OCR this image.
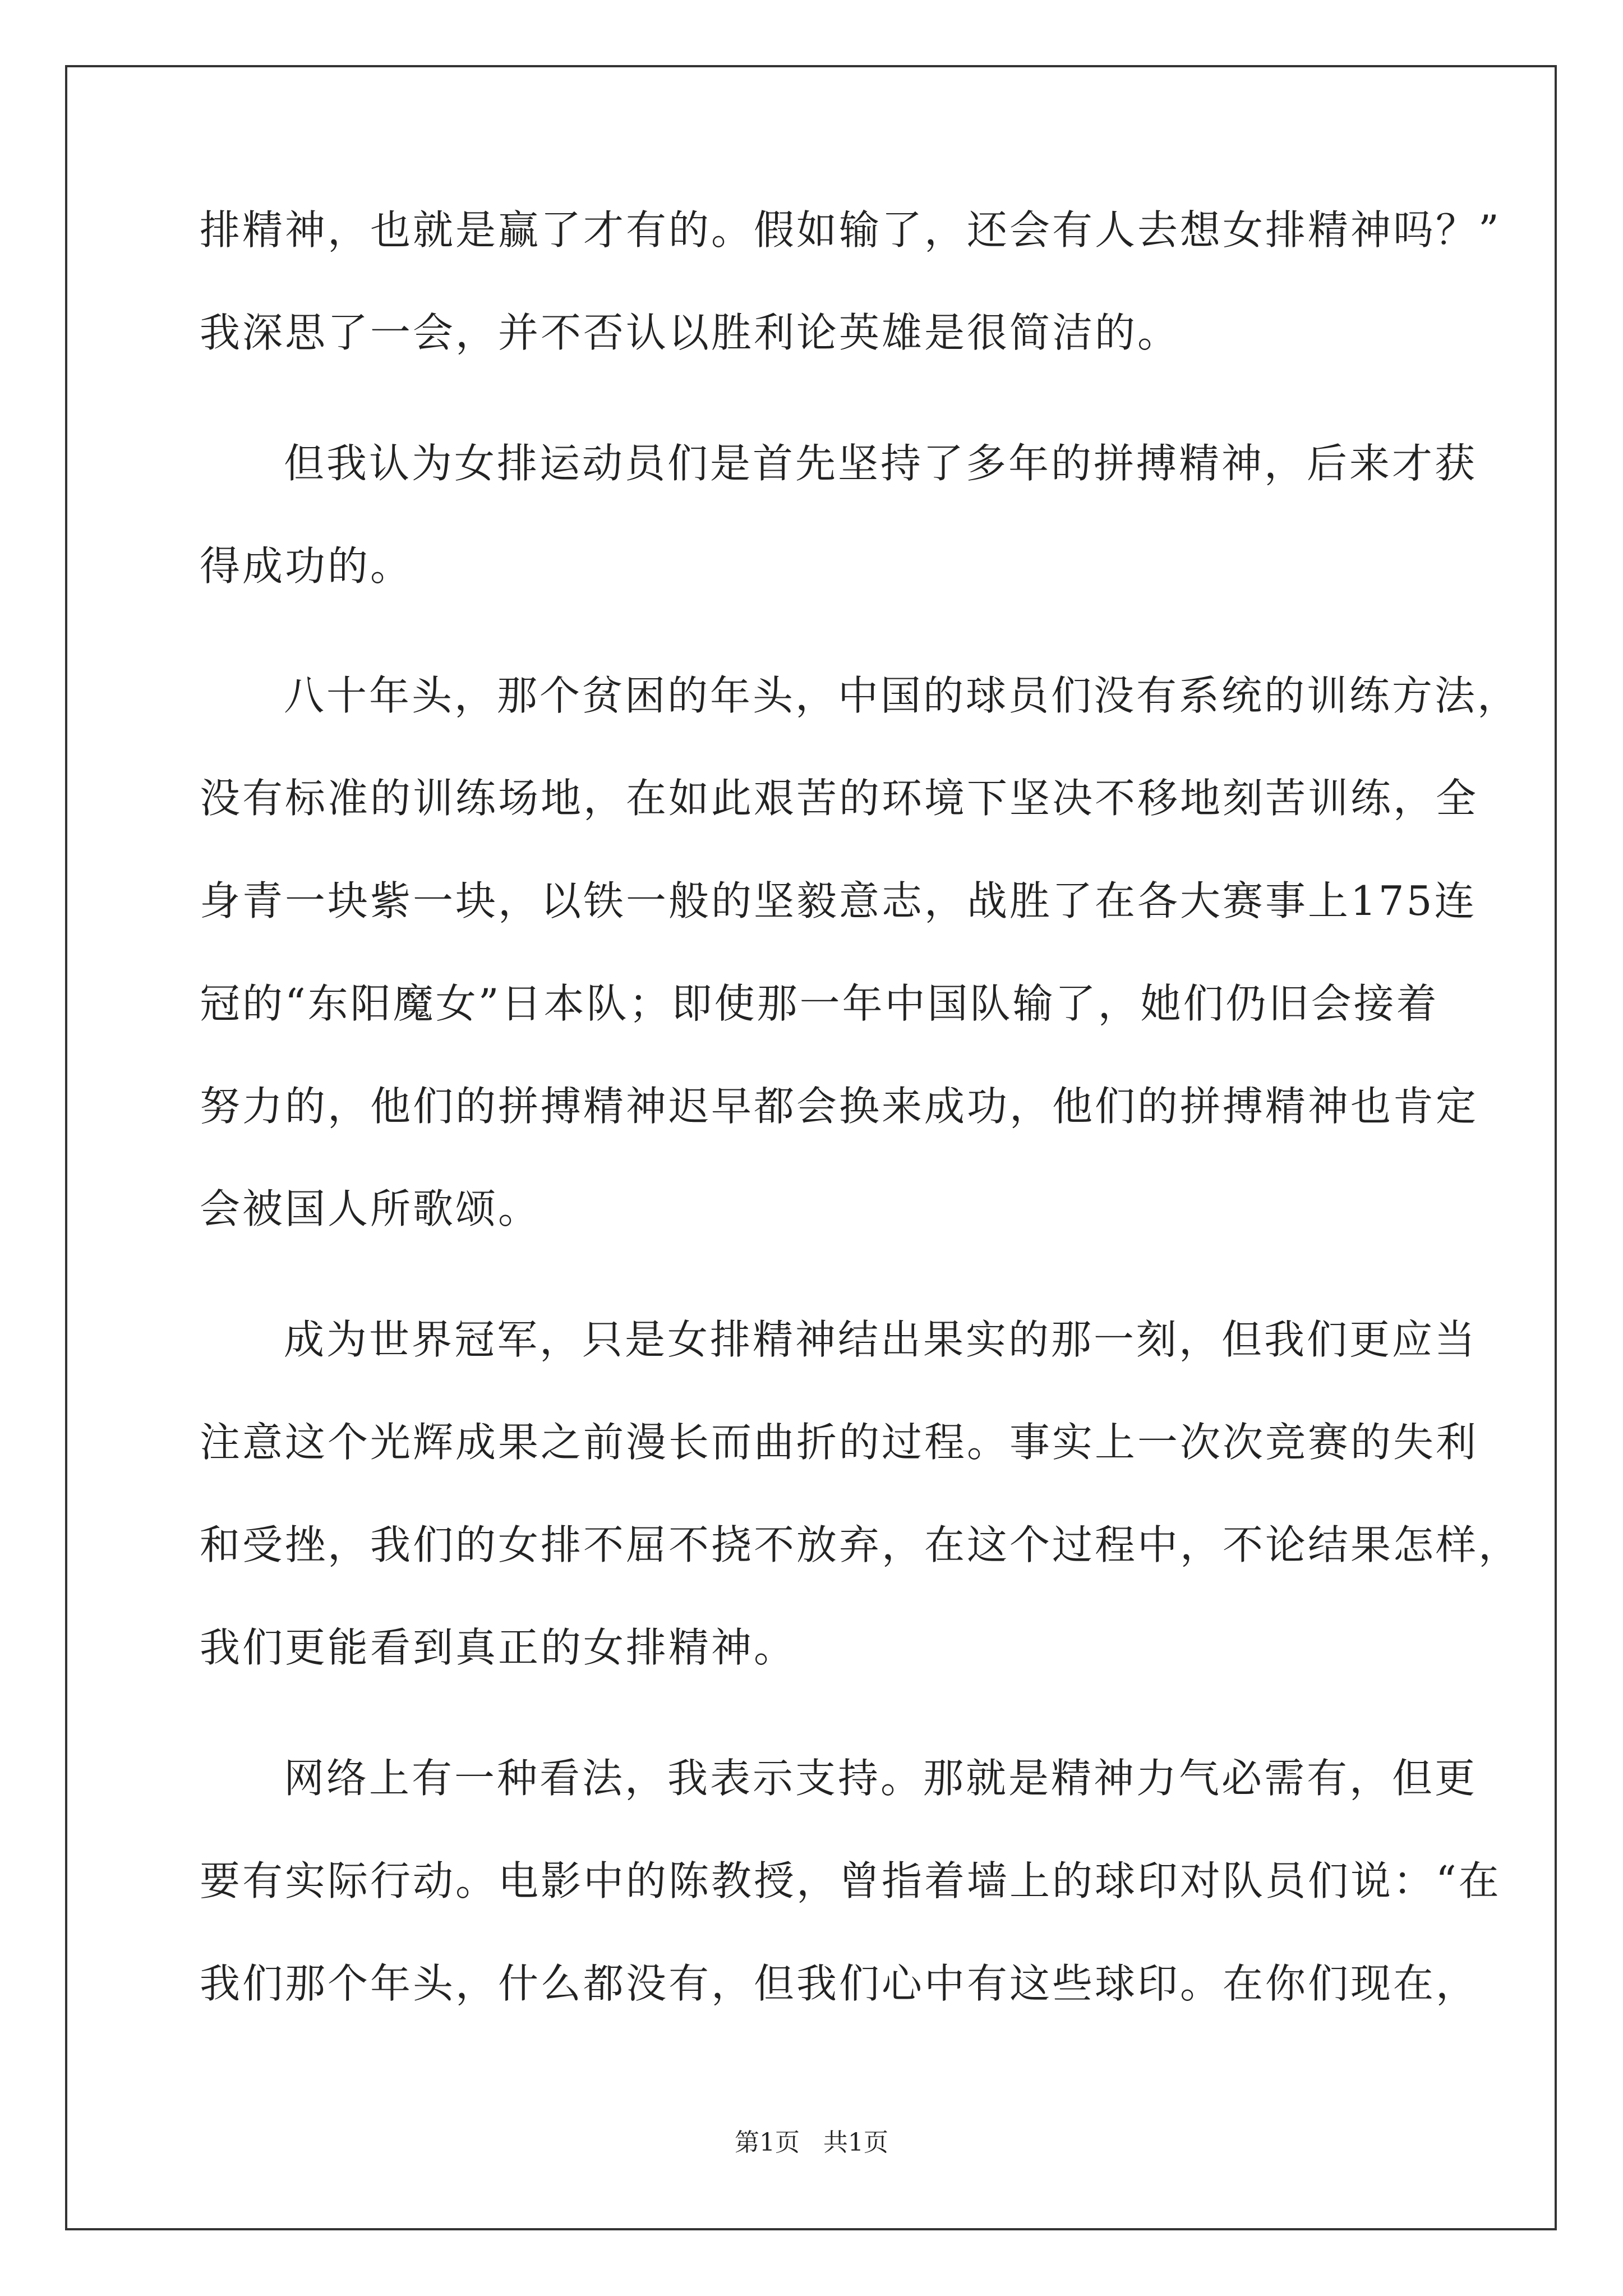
排精神，也就是赢了才有的。假如输了，还会有人去想女排精神吗？”
我深思了一会，并不否认以胜利论英雄是很简洁的。
但我认为女排运动员们是首先坚持了多年的拼搏精神，后来才获
得成功的。
八十年头，那个贫困的年头，中国的球员们没有系统的训练方法，
没有标准的训练场地，在如此艰苦的环境下坚决不移地刻苦训练，全
身青一块紫一块，以铁一般的坚毅意志，战胜了在各大赛事上175连
冠的“东阳魔女”日本队；即使那一年中国队输了，她们仍旧会接着
努力的，他们的拼搏精神迟早都会换来成功，他们的拼搏精神也肯定
会被国人所歌颂。
成为世界冠军，只是女排精神结出果实的那一刻，但我们更应当
注意这个光辉成果之前漫长而曲折的过程。事实上一次次竞赛的失利
和受挫，我们的女排不屈不挠不放弃，在这个过程中，不论结果怎样，
我们更能看到真正的女排精神。
网络上有一种看法，我表示支持。那就是精神力气必需有，但更
要有实际行动。电影中的陈教授，曾指着墙上的球印对队员们说：“在
我们那个年头，什么都没有，但我们心中有这些球印。在你们现在，
第1页   共1页
